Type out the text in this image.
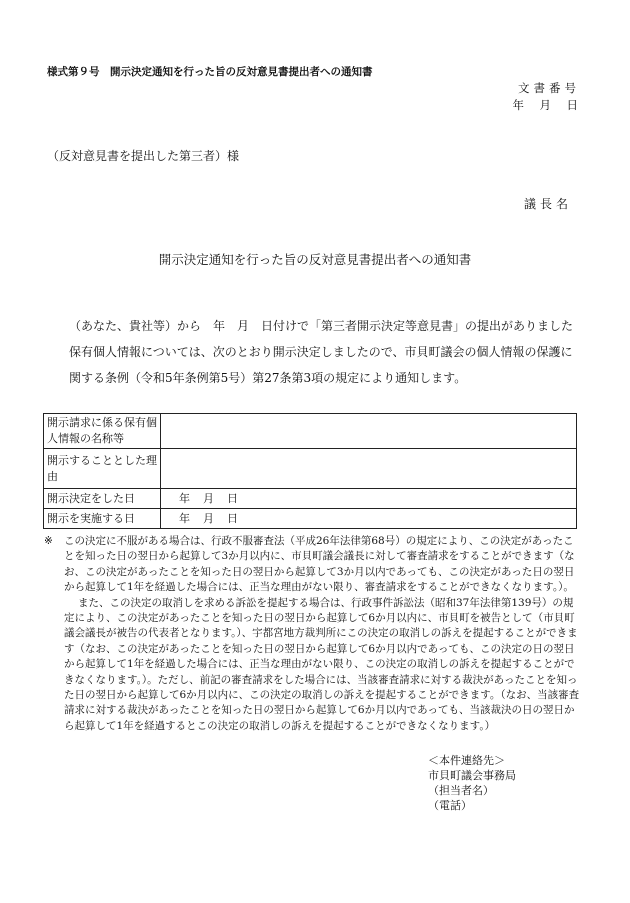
様式第９号　開示決定通知を行った旨の反対意見書提出者への通知書
文書番号
年　月　日
（反対意見書を提出した第三者）様
議長名
開示決定通知を行った旨の反対意見書提出者への通知書
（あなた、貴社等）から　年　月　日付けで「第三者開示決定等意見書」の提出がありました保有個人情報については、次のとおり開示決定しましたので、市貝町議会の個人情報の保護に関する条例（令和5年条例第5号）第27条第3項の規定により通知します。
開示請求に係る保有個人情報の名称等	
開示することとした理由	
開示決定をした日	年　月　日
開示を実施する日	年　月　日
※ この決定に不服がある場合は、行政不服審査法（平成26年法律第68号）の規定により、この決定があったことを知った日の翌日から起算して3か月以内に、市貝町議会議長に対して審査請求をすることができます（なお、この決定があったことを知った日の翌日から起算して3か月以内であっても、この決定があった日の翌日から起算して1年を経過した場合には、正当な理由がない限り、審査請求をすることができなくなります。）。

また、この決定の取消しを求める訴訟を提起する場合は、行政事件訴訟法（昭和37年法律第139号）の規定により、この決定があったことを知った日の翌日から起算して6か月以内に、市貝町を被告として（市貝町議会議長が被告の代表者となります。）、宇都宮地方裁判所にこの決定の取消しの訴えを提起することができます（なお、この決定があったことを知った日の翌日から起算して6か月以内であっても、この決定の日の翌日から起算して1年を経過した場合には、正当な理由がない限り、この決定の取消しの訴えを提起することができなくなります。）。ただし、前記の審査請求をした場合には、当該審査請求に対する裁決があったことを知った日の翌日から起算して6か月以内に、この決定の取消しの訴えを提起することができます。（なお、当該審査請求に対する裁決があったことを知った日の翌日から起算して6か月以内であっても、当該裁決の日の翌日から起算して1年を経過するとこの決定の取消しの訴えを提起することができなくなります。）

＜本件連絡先＞
市貝町議会事務局
（担当者名）
（電話）
